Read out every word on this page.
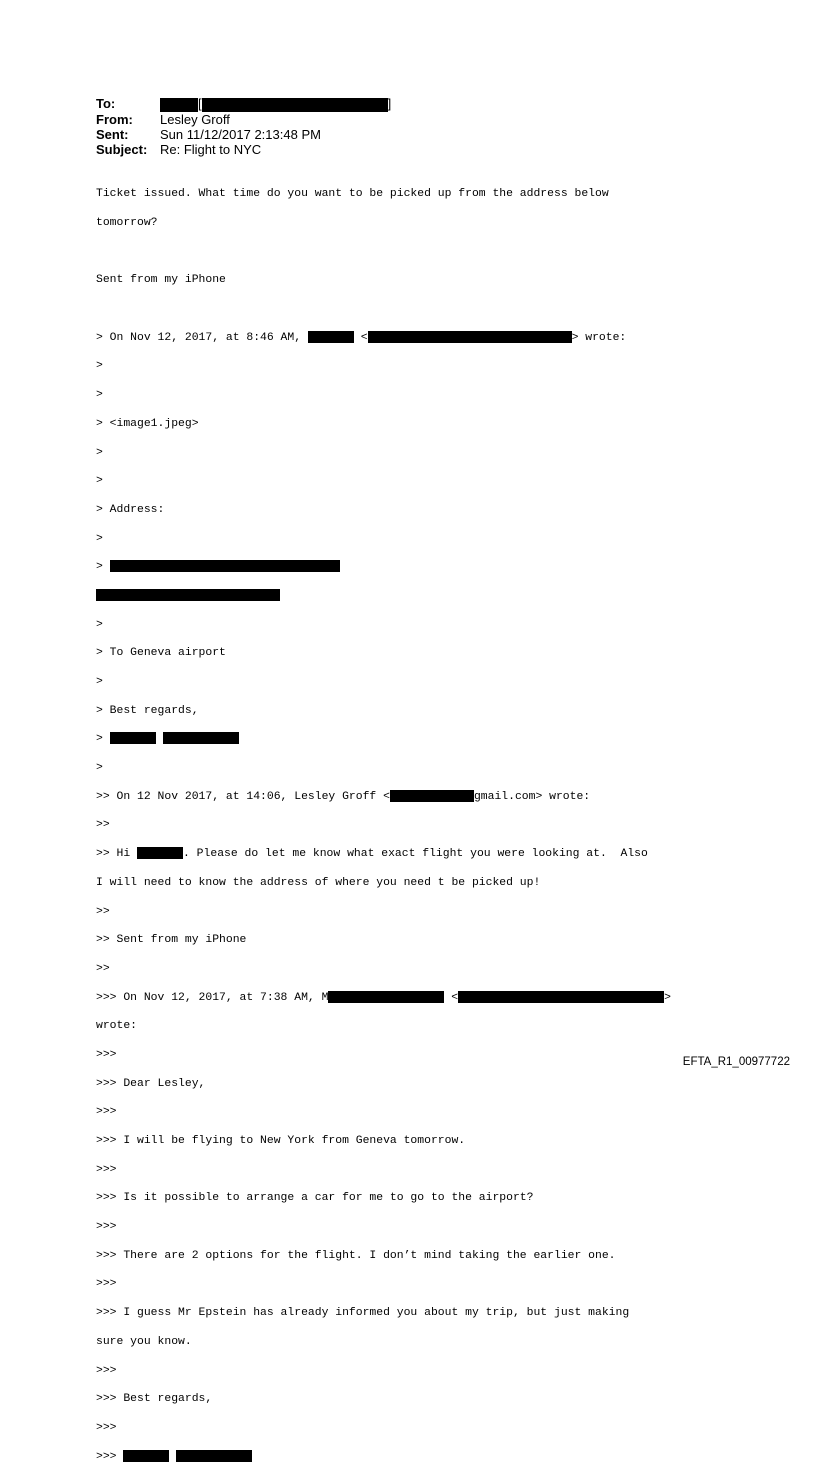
To:	[	]
From: Lesley Groff
Sent: Sun 11/12/2017 2:13:48 PM
Subject: Re: Flight to NYC

Ticket issued. What time do you want to be picked up from the address below

tomorrow?

Sent from my iPhone

> On Nov 12, 2017, at 8:46 AM,	<	> wrote:

>

>

> <image1.jpeg>

>

>

> Address:

>

>

>

> To Geneva airport

>

> Best regards,

>

>

>> On 12 Nov 2017, at 14:06, Lesley Groff <	gmail.com> wrote:

>>

>> Hi	. Please do let me know what exact flight you were looking at.  Also

I will need to know the address of where you need t be picked up!

>>

>> Sent from my iPhone

>>

>>> On Nov 12, 2017, at 7:38 AM, M	<	>

wrote:

>>>

>>> Dear Lesley,

>>>

>>> I will be flying to New York from Geneva tomorrow.

>>>

>>> Is it possible to arrange a car for me to go to the airport?

>>>

>>> There are 2 options for the flight. I don’t mind taking the earlier one.

>>>

>>> I guess Mr Epstein has already informed you about my trip, but just making

sure you know.

>>>

>>> Best regards,

>>>

>>>

EFTA_R1_00977722
